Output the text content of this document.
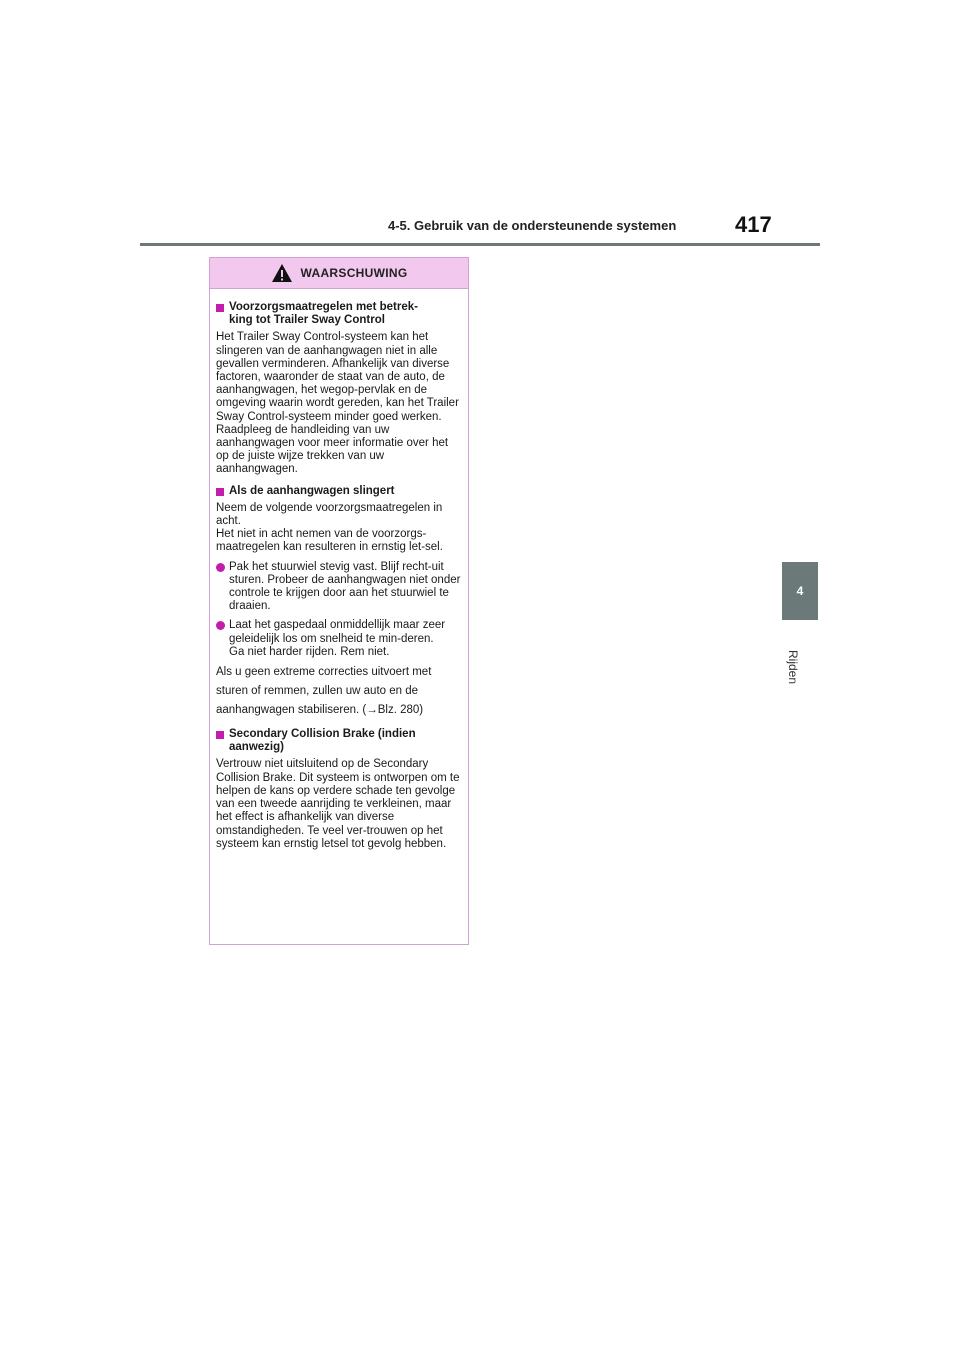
4-5. Gebruik van de ondersteunende systemen	417
4
Rijden
WAARSCHUWING
Voorzorgsmaatregelen met betrek-
king tot Trailer Sway Control

Het Trailer Sway Control-systeem kan het slingeren van de aanhangwagen niet in alle gevallen verminderen. Afhankelijk van diverse factoren, waaronder de staat van de auto, de aanhangwagen, het wegop-pervlak en de omgeving waarin wordt gereden, kan het Trailer Sway Control-systeem minder goed werken. Raadpleeg de handleiding van uw aanhangwagen voor meer informatie over het op de juiste wijze trekken van uw aanhangwagen.

Als de aanhangwagen slingert

Neem de volgende voorzorgsmaatregelen in acht.

Het niet in acht nemen van de voorzorgs-maatregelen kan resulteren in ernstig let-sel.

Pak het stuurwiel stevig vast. Blijf recht-uit sturen. Probeer de aanhangwagen niet onder controle te krijgen door aan het stuurwiel te draaien.
Laat het gaspedaal onmiddellijk maar zeer geleidelijk los om snelheid te min-deren.
Ga niet harder rijden. Rem niet.

Als u geen extreme correcties uitvoert met sturen of remmen, zullen uw auto en de aanhangwagen stabiliseren. (→Blz. 280)

Secondary Collision Brake (indien
aanwezig)

Vertrouw niet uitsluitend op de Secondary Collision Brake. Dit systeem is ontworpen om te helpen de kans op verdere schade ten gevolge van een tweede aanrijding te verkleinen, maar het effect is afhankelijk van diverse omstandigheden. Te veel ver-trouwen op het systeem kan ernstig letsel tot gevolg hebben.
